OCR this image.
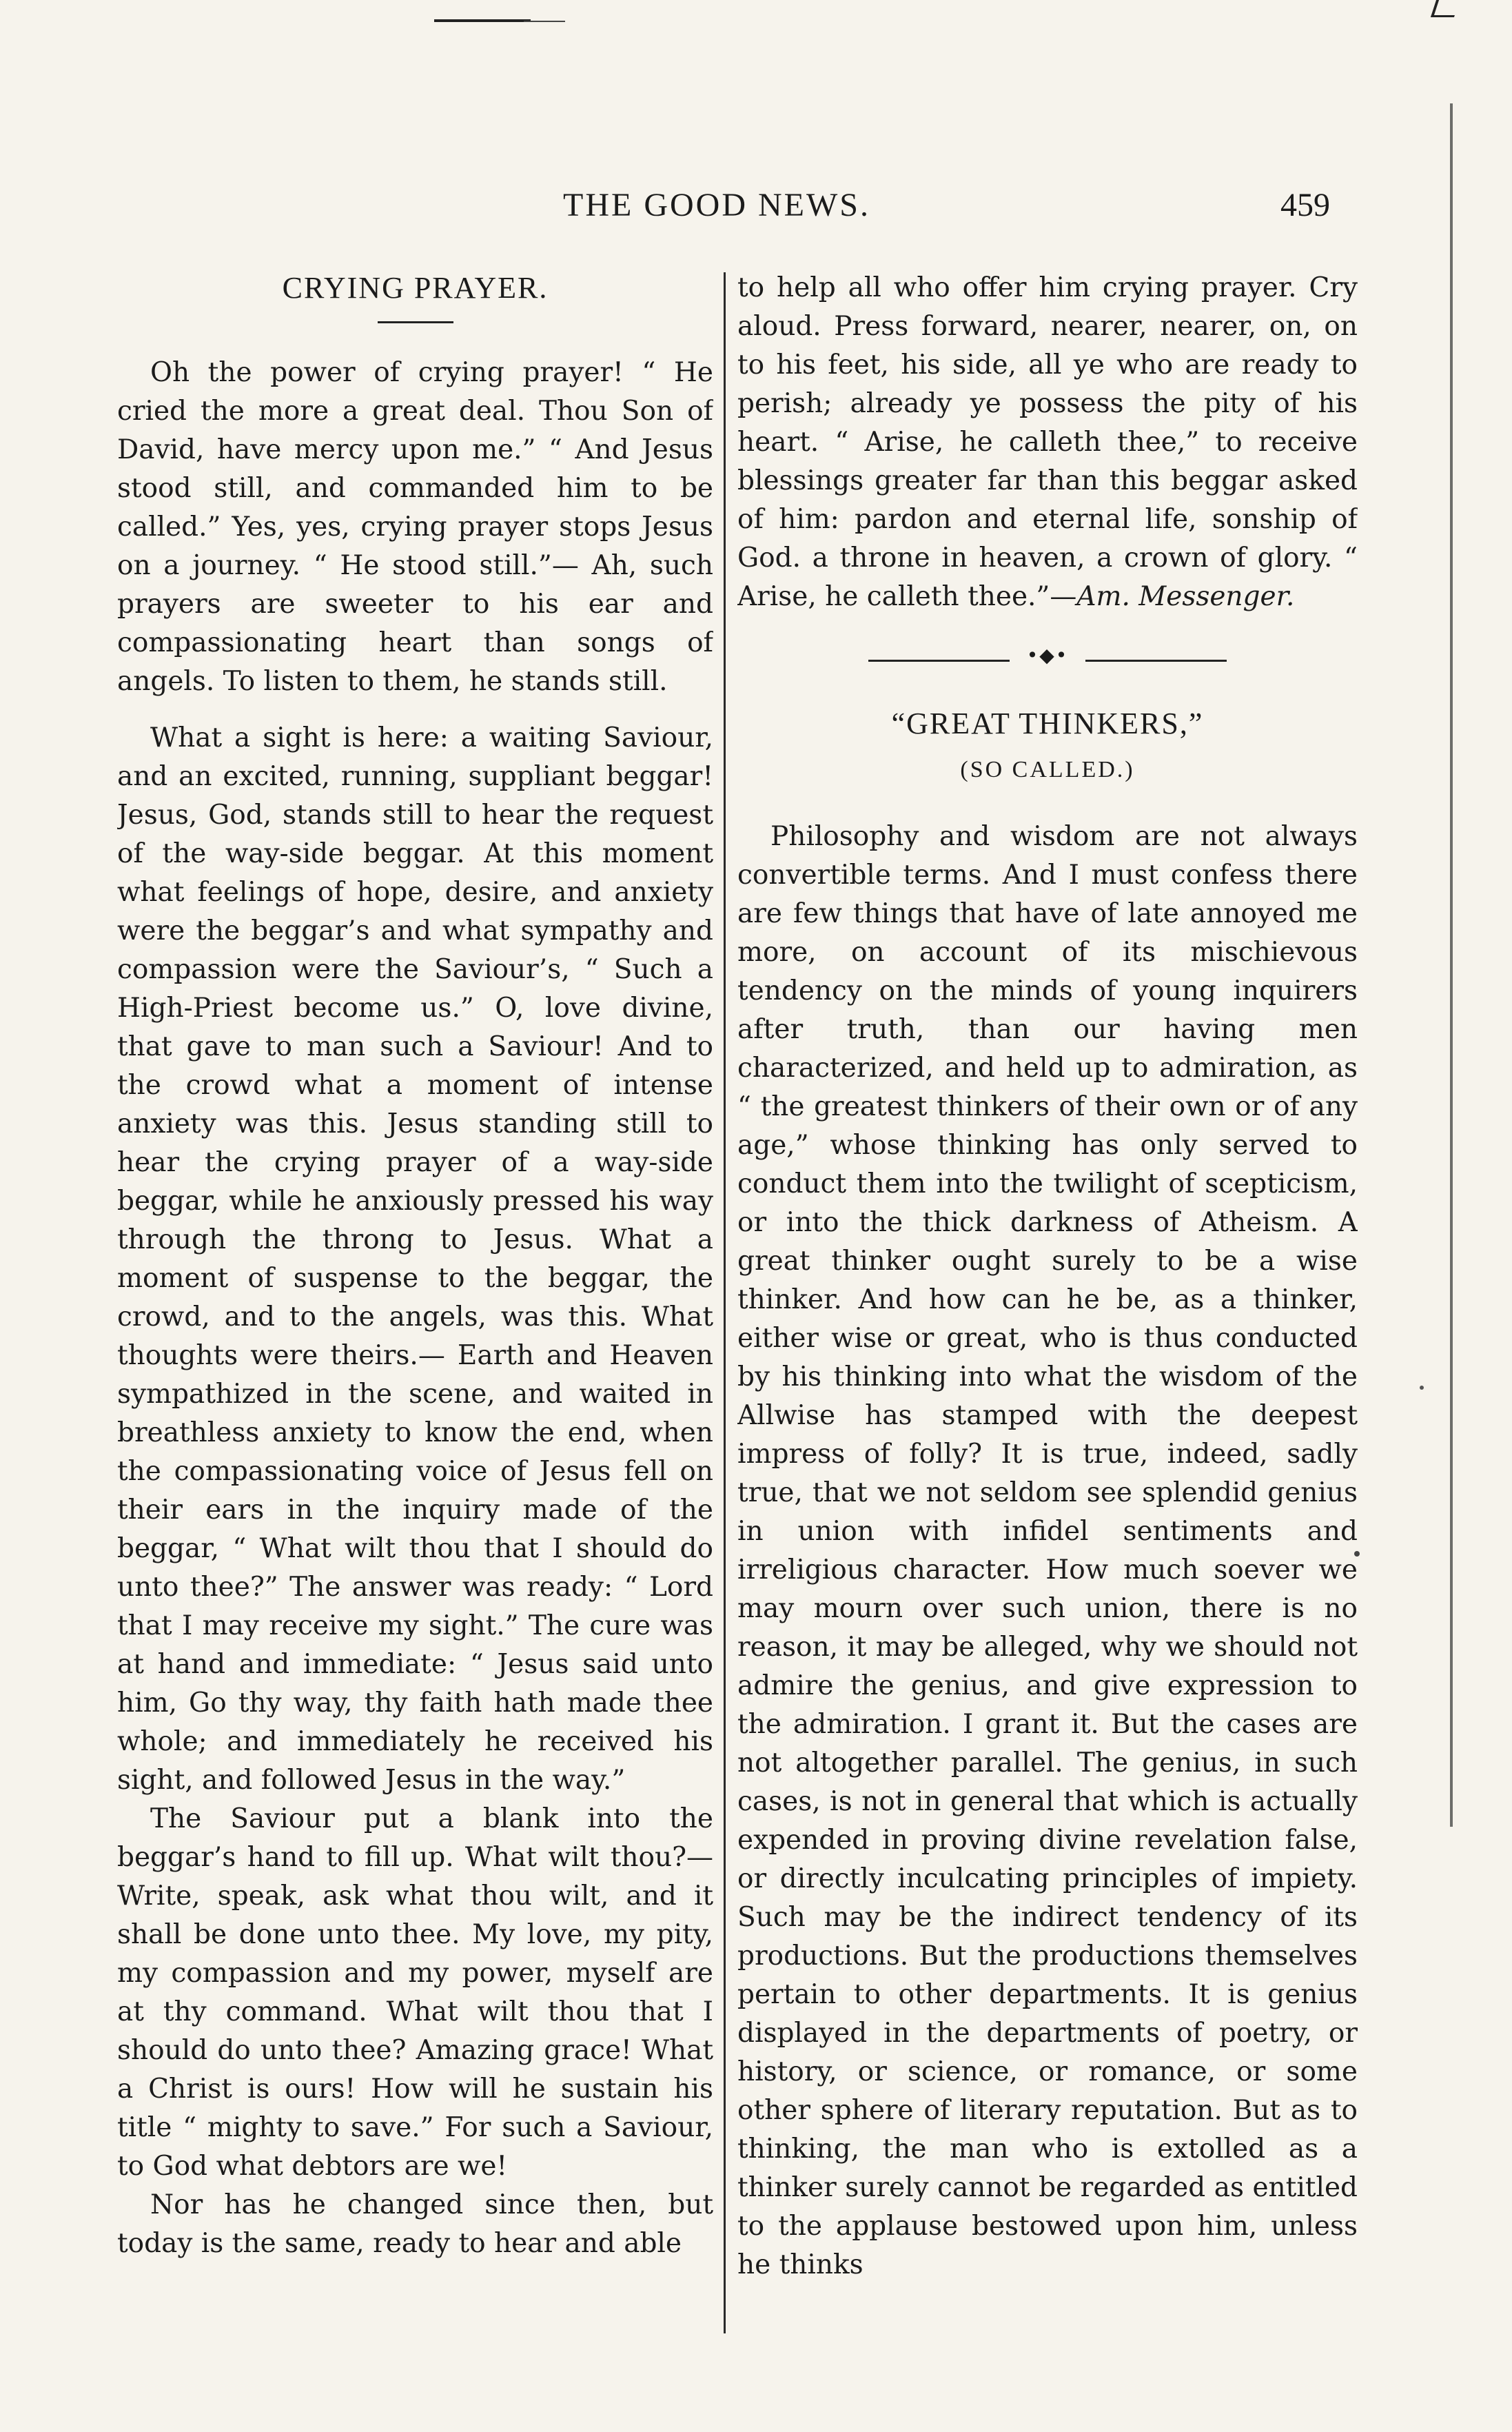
THE GOOD NEWS.	459
CRYING PRAYER.

Oh the power of crying prayer! “ He cried the more a great deal. Thou Son of David, have mercy upon me.” “ And Jesus stood still, and commanded him to be called.” Yes, yes, crying prayer stops Jesus on a journey. “ He stood still.”— Ah, such prayers are sweeter to his ear and compassionating heart than songs of angels. To listen to them, he stands still.

What a sight is here: a waiting Saviour, and an excited, running, suppliant beggar! Jesus, God, stands still to hear the request of the way-side beggar. At this moment what feelings of hope, desire, and anxiety were the beggar’s and what sympathy and compassion were the Saviour’s, “ Such a High-Priest become us.” O, love divine, that gave to man such a Saviour! And to the crowd what a moment of intense anxiety was this. Jesus standing still to hear the crying prayer of a way-side beggar, while he anxiously pressed his way through the throng to Jesus. What a moment of suspense to the beggar, the crowd, and to the angels, was this. What thoughts were theirs.— Earth and Heaven sympathized in the scene, and waited in breathless anxiety to know the end, when the compassionating voice of Jesus fell on their ears in the inquiry made of the beggar, “ What wilt thou that I should do unto thee?” The answer was ready: “ Lord that I may receive my sight.” The cure was at hand and immediate: “ Jesus said unto him, Go thy way, thy faith hath made thee whole; and immediately he received his sight, and followed Jesus in the way.”

The Saviour put a blank into the beggar’s hand to fill up. What wilt thou?— Write, speak, ask what thou wilt, and it shall be done unto thee. My love, my pity, my compassion and my power, myself are at thy command. What wilt thou that I should do unto thee? Amazing grace! What a Christ is ours! How will he sustain his title “ mighty to save.” For such a Saviour, to God what debtors are we!

Nor has he changed since then, but today is the same, ready to hear and able

to help all who offer him crying prayer. Cry aloud. Press forward, nearer, nearer, on, on to his feet, his side, all ye who are ready to perish; already ye possess the pity of his heart. “ Arise, he calleth thee,” to receive blessings greater far than this beggar asked of him: pardon and eternal life, sonship of God. a throne in heaven, a crown of glory. “ Arise, he calleth thee.”—Am. Messenger.

•◆•
“GREAT THINKERS,”
(SO CALLED.)

Philosophy and wisdom are not always convertible terms. And I must confess there are few things that have of late annoyed me more, on account of its mischievous tendency on the minds of young inquirers after truth, than our having men characterized, and held up to admiration, as “ the greatest thinkers of their own or of any age,” whose thinking has only served to conduct them into the twilight of scepticism, or into the thick darkness of Atheism. A great thinker ought surely to be a wise thinker. And how can he be, as a thinker, either wise or great, who is thus conducted by his thinking into what the wisdom of the Allwise has stamped with the deepest impress of folly? It is true, indeed, sadly true, that we not seldom see splendid genius in union with infidel sentiments and irreligious character. How much soever we may mourn over such union, there is no reason, it may be alleged, why we should not admire the genius, and give expression to the admiration. I grant it. But the cases are not altogether parallel. The genius, in such cases, is not in general that which is actually expended in proving divine revelation false, or directly inculcating principles of impiety. Such may be the indirect tendency of its productions. But the productions themselves pertain to other departments. It is genius displayed in the departments of poetry, or history, or science, or romance, or some other sphere of literary reputation. But as to thinking, the man who is extolled as a thinker surely cannot be regarded as entitled to the applause bestowed upon him, unless he thinks
